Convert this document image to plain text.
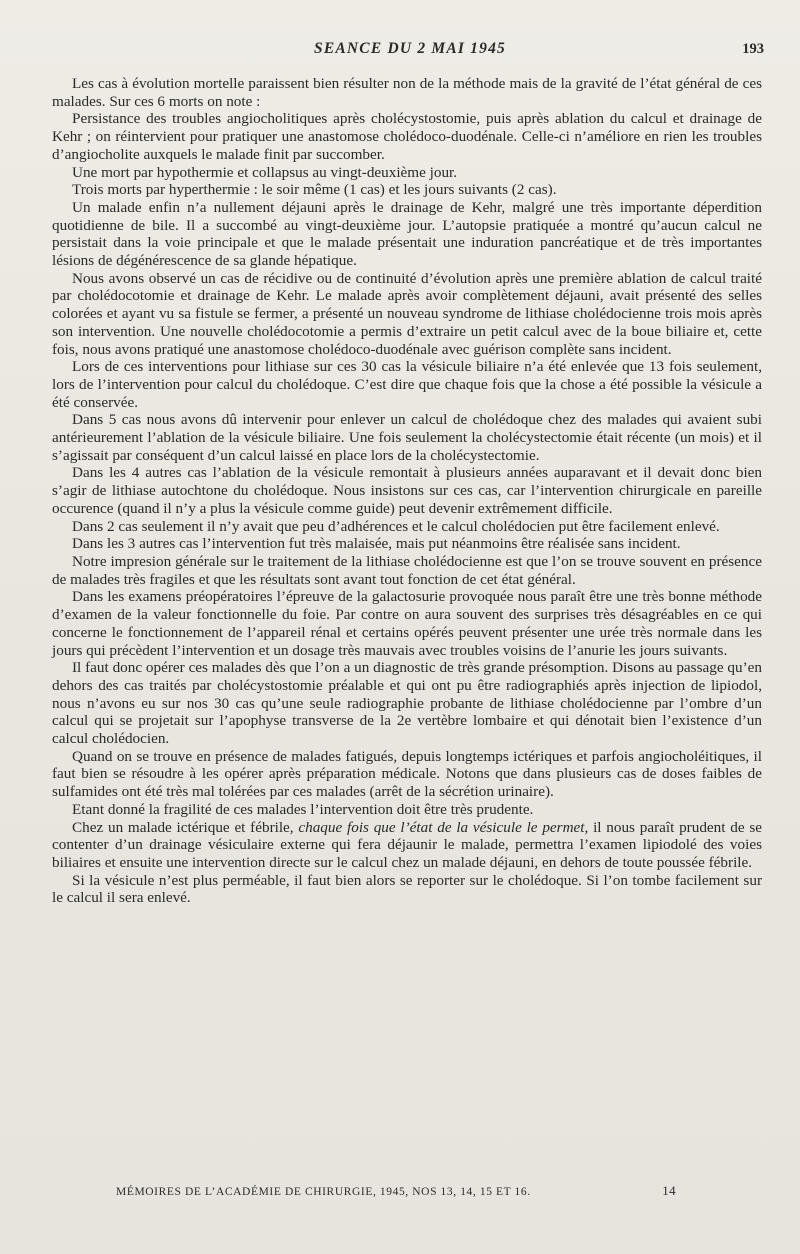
SEANCE DU 2 MAI 1945	193

Les cas à évolution mortelle paraissent bien résulter non de la méthode mais de la gravité de l’état général de ces malades. Sur ces 6 morts on note :

Persistance des troubles angiocholitiques après cholécystostomie, puis après ablation du calcul et drainage de Kehr ; on réintervient pour pratiquer une anastomose cholédoco-duodénale. Celle-ci n’améliore en rien les troubles d’angiocholite auxquels le malade finit par succomber.

Une mort par hypothermie et collapsus au vingt-deuxième jour.

Trois morts par hyperthermie : le soir même (1 cas) et les jours suivants (2 cas).

Un malade enfin n’a nullement déjauni après le drainage de Kehr, malgré une très importante déperdition quotidienne de bile. Il a succombé au vingt-deuxième jour. L’autopsie pratiquée a montré qu’aucun calcul ne persistait dans la voie principale et que le malade présentait une induration pancréatique et de très importantes lésions de dégénérescence de sa glande hépatique.

Nous avons observé un cas de récidive ou de continuité d’évolution après une première ablation de calcul traité par cholédocotomie et drainage de Kehr. Le malade après avoir complètement déjauni, avait présenté des selles colorées et ayant vu sa fistule se fermer, a présenté un nouveau syndrome de lithiase cholédocienne trois mois après son intervention. Une nouvelle cholédocotomie a permis d’extraire un petit calcul avec de la boue biliaire et, cette fois, nous avons pratiqué une anastomose cholédoco-duodénale avec guérison complète sans incident.

Lors de ces interventions pour lithiase sur ces 30 cas la vésicule biliaire n’a été enlevée que 13 fois seulement, lors de l’intervention pour calcul du cholédoque. C’est dire que chaque fois que la chose a été possible la vésicule a été conservée.

Dans 5 cas nous avons dû intervenir pour enlever un calcul de cholédoque chez des malades qui avaient subi antérieurement l’ablation de la vésicule biliaire. Une fois seulement la cholécystectomie était récente (un mois) et il s’agissait par conséquent d’un calcul laissé en place lors de la cholécystectomie.

Dans les 4 autres cas l’ablation de la vésicule remontait à plusieurs années auparavant et il devait donc bien s’agir de lithiase autochtone du cholédoque. Nous insistons sur ces cas, car l’intervention chirurgicale en pareille occurence (quand il n’y a plus la vésicule comme guide) peut devenir extrêmement difficile.

Dans 2 cas seulement il n’y avait que peu d’adhérences et le calcul cholédocien put être facilement enlevé.

Dans les 3 autres cas l’intervention fut très malaisée, mais put néanmoins être réalisée sans incident.

Notre impresion générale sur le traitement de la lithiase cholédocienne est que l’on se trouve souvent en présence de malades très fragiles et que les résultats sont avant tout fonction de cet état général.

Dans les examens préopératoires l’épreuve de la galactosurie provoquée nous paraît être une très bonne méthode d’examen de la valeur fonctionnelle du foie. Par contre on aura souvent des surprises très désagréables en ce qui concerne le fonctionnement de l’appareil rénal et certains opérés peuvent présenter une urée très normale dans les jours qui précèdent l’intervention et un dosage très mauvais avec troubles voisins de l’anurie les jours suivants.

Il faut donc opérer ces malades dès que l’on a un diagnostic de très grande présomption. Disons au passage qu’en dehors des cas traités par cholécystostomie préalable et qui ont pu être radiographiés après injection de lipiodol, nous n’avons eu sur nos 30 cas qu’une seule radiographie probante de lithiase cholédocienne par l’ombre d’un calcul qui se projetait sur l’apophyse transverse de la 2e vertèbre lombaire et qui dénotait bien l’existence d’un calcul cholédocien.

Quand on se trouve en présence de malades fatigués, depuis longtemps ictériques et parfois angiocholéitiques, il faut bien se résoudre à les opérer après préparation médicale. Notons que dans plusieurs cas de doses faibles de sulfamides ont été très mal tolérées par ces malades (arrêt de la sécrétion urinaire).

Etant donné la fragilité de ces malades l’intervention doit être très prudente.

Chez un malade ictérique et fébrile, chaque fois que l’état de la vésicule le permet, il nous paraît prudent de se contenter d’un drainage vésiculaire externe qui fera déjaunir le malade, permettra l’examen lipiodolé des voies biliaires et ensuite une intervention directe sur le calcul chez un malade déjauni, en dehors de toute poussée fébrile.

Si la vésicule n’est plus perméable, il faut bien alors se reporter sur le cholédoque. Si l’on tombe facilement sur le calcul il sera enlevé.

MÉMOIRES DE L’ACADÉMIE DE CHIRURGIE, 1945, NOS 13, 14, 15 ET 16.	14
